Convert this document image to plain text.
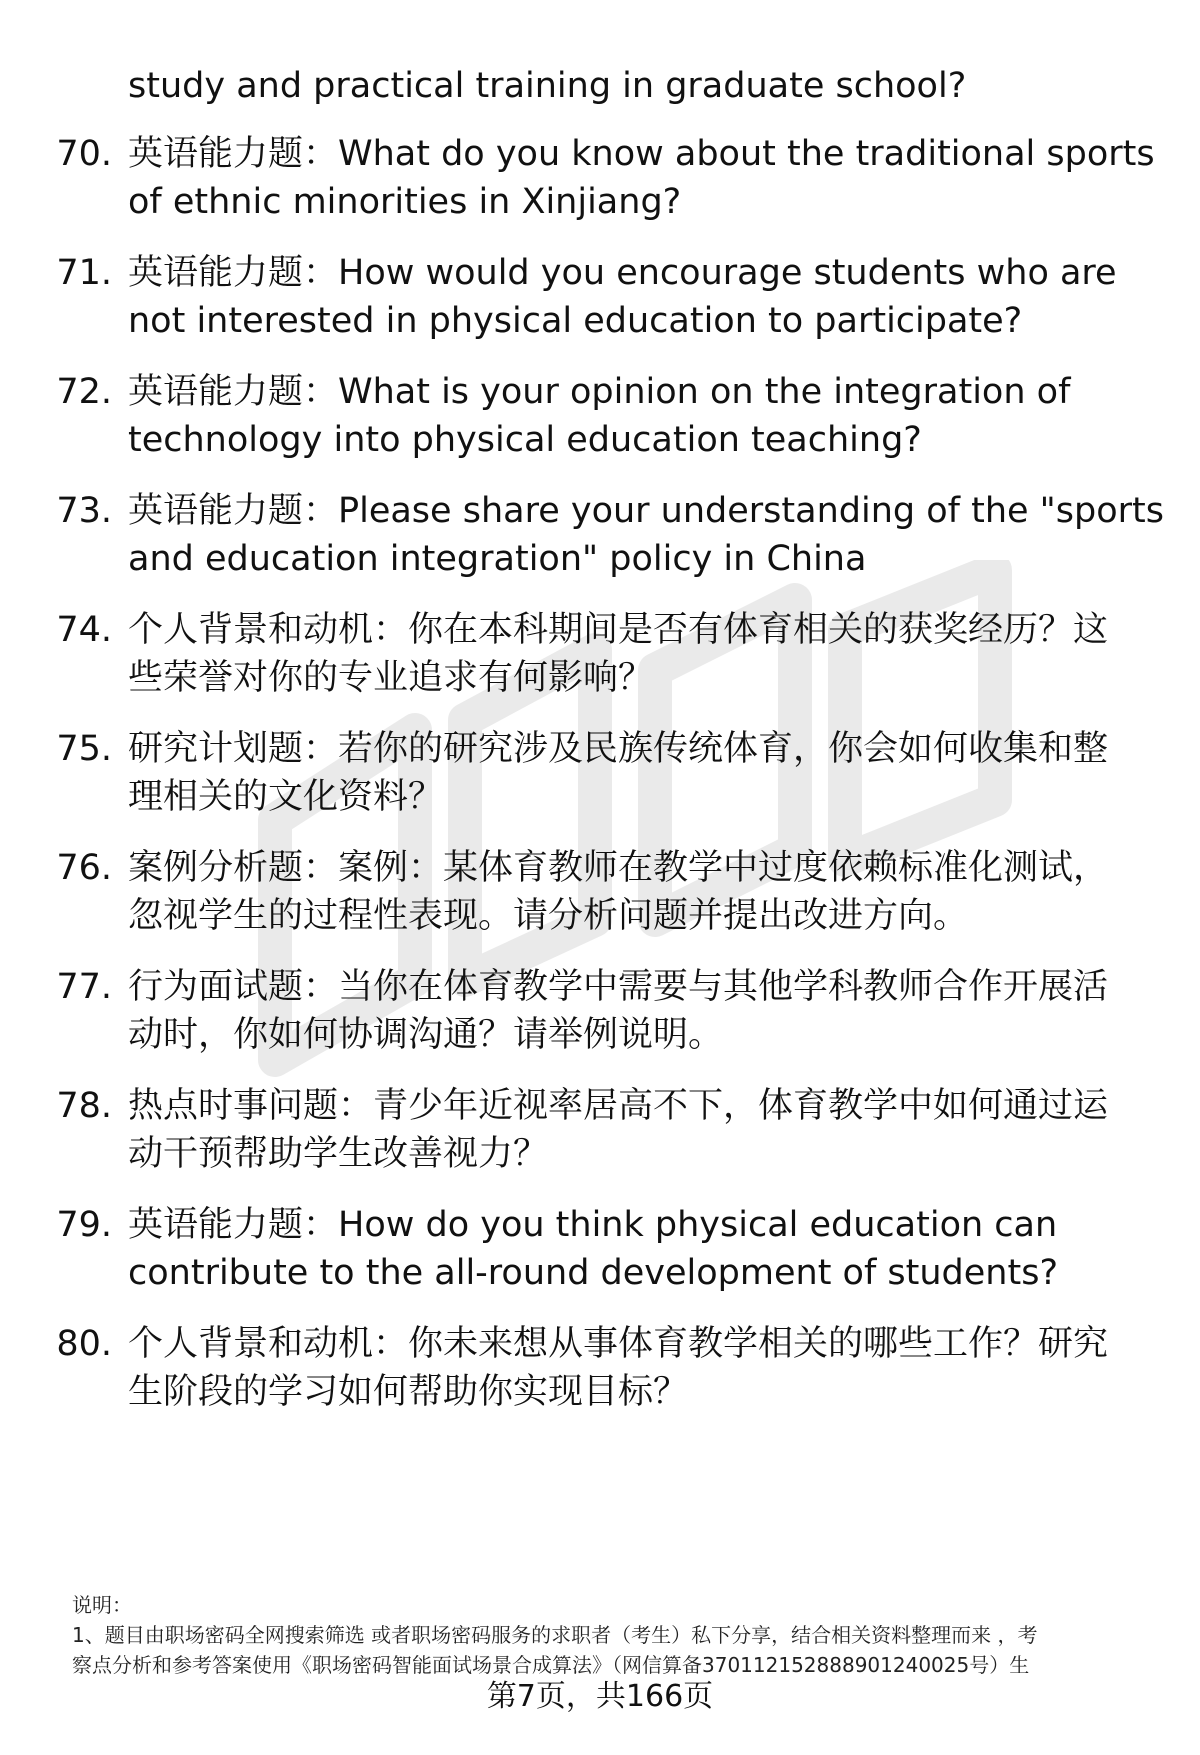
study and practical training in graduate school?
70. 英语能力题：What do you know about the traditional sports
of ethnic minorities in Xinjiang?
71. 英语能力题：How would you encourage students who are
not interested in physical education to participate?
72. 英语能力题：What is your opinion on the integration of
technology into physical education teaching?
73. 英语能力题：Please share your understanding of the "sports
and education integration" policy in China
74. 个人背景和动机：你在本科期间是否有体育相关的获奖经历？这
些荣誉对你的专业追求有何影响？
75. 研究计划题：若你的研究涉及民族传统体育，你会如何收集和整
理相关的文化资料？
76. 案例分析题：案例：某体育教师在教学中过度依赖标准化测试，
忽视学生的过程性表现。请分析问题并提出改进方向。
77. 行为面试题：当你在体育教学中需要与其他学科教师合作开展活
动时，你如何协调沟通？请举例说明。
78. 热点时事问题：青少年近视率居高不下，体育教学中如何通过运
动干预帮助学生改善视力？
79. 英语能力题：How do you think physical education can
contribute to the all-round development of students?
80. 个人背景和动机：你未来想从事体育教学相关的哪些工作？研究
生阶段的学习如何帮助你实现目标？
说明：
1、题目由职场密码全网搜索筛选 或者职场密码服务的求职者（考生）私下分享，结合相关资料整理而来 ，考
察点分析和参考答案使用《职场密码智能面试场景合成算法》（网信算备370112152888901240025号）生
第7页，共166页
